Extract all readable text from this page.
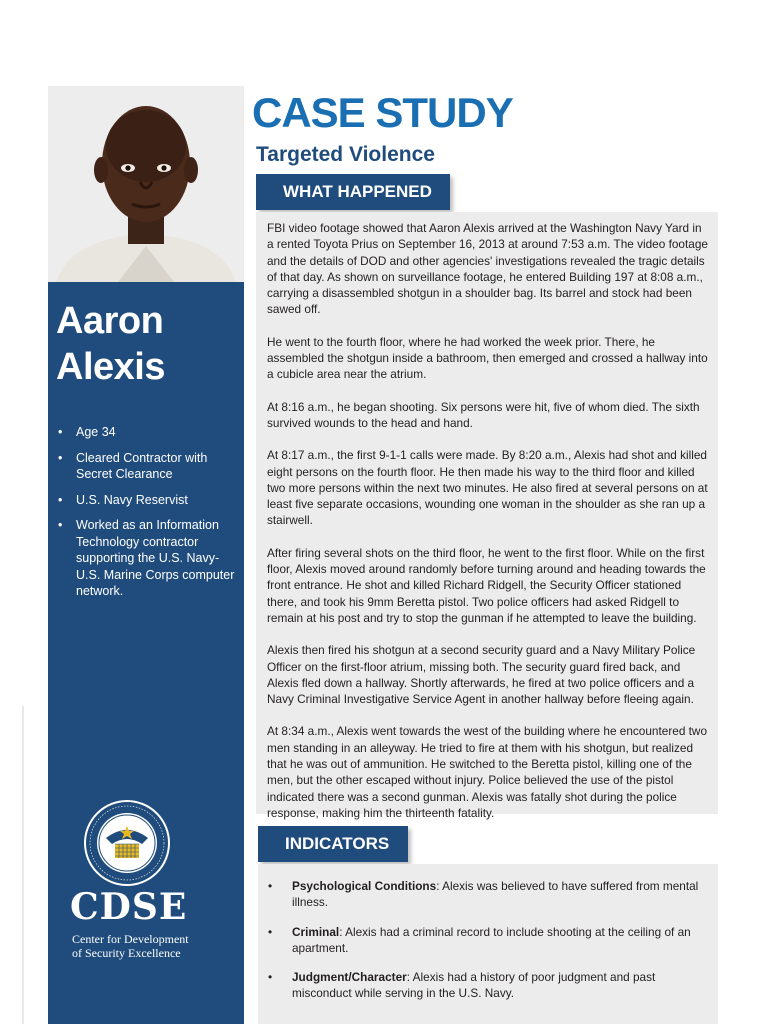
Aaron
Alexis
• Age 34
• Cleared Contractor with Secret Clearance
• U.S. Navy Reservist
• Worked as an Information Technology contractor supporting the U.S. Navy-U.S. Marine Corps computer network.
CDSE
Center for Development
of Security Excellence
CASE STUDY
Targeted Violence
WHAT HAPPENED

FBI video footage showed that Aaron Alexis arrived at the Washington Navy Yard in a rented Toyota Prius on September 16, 2013 at around 7:53 a.m. The video footage and the details of DOD and other agencies' investigations revealed the tragic details of that day. As shown on surveillance footage, he entered Building 197 at 8:08 a.m., carrying a disassembled shotgun in a shoulder bag. Its barrel and stock had been sawed off.

He went to the fourth floor, where he had worked the week prior. There, he assembled the shotgun inside a bathroom, then emerged and crossed a hallway into a cubicle area near the atrium.

At 8:16 a.m., he began shooting. Six persons were hit, five of whom died. The sixth survived wounds to the head and hand.

At 8:17 a.m., the first 9-1-1 calls were made. By 8:20 a.m., Alexis had shot and killed eight persons on the fourth floor. He then made his way to the third floor and killed two more persons within the next two minutes. He also fired at several persons on at least five separate occasions, wounding one woman in the shoulder as she ran up a stairwell.

After firing several shots on the third floor, he went to the first floor. While on the first floor, Alexis moved around randomly before turning around and heading towards the front entrance. He shot and killed Richard Ridgell, the Security Officer stationed there, and took his 9mm Beretta pistol. Two police officers had asked Ridgell to remain at his post and try to stop the gunman if he attempted to leave the building.

Alexis then fired his shotgun at a second security guard and a Navy Military Police Officer on the first-floor atrium, missing both. The security guard fired back, and Alexis fled down a hallway. Shortly afterwards, he fired at two police officers and a Navy Criminal Investigative Service Agent in another hallway before fleeing again.

At 8:34 a.m., Alexis went towards the west of the building where he encountered two men standing in an alleyway. He tried to fire at them with his shotgun, but realized that he was out of ammunition. He switched to the Beretta pistol, killing one of the men, but the other escaped without injury. Police believed the use of the pistol indicated there was a second gunman. Alexis was fatally shot during the police response, making him the thirteenth fatality.

INDICATORS
• Psychological Conditions: Alexis was believed to have suffered from mental illness.
• Criminal: Alexis had a criminal record to include shooting at the ceiling of an apartment.
• Judgment/Character: Alexis had a history of poor judgment and past misconduct while serving in the U.S. Navy.
